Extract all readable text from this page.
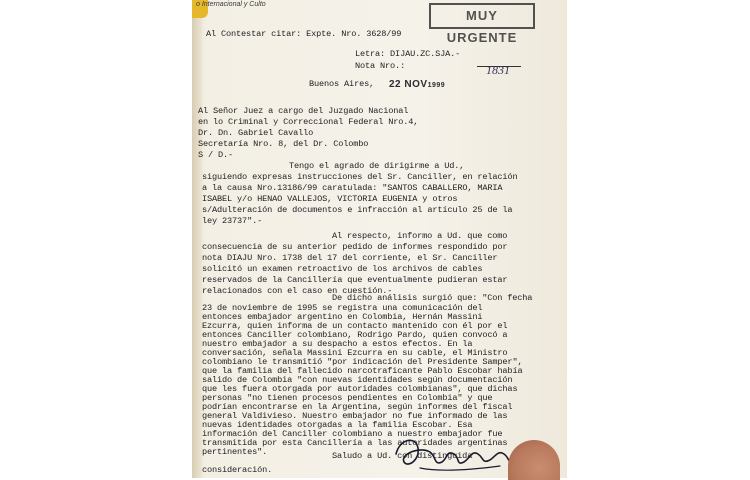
o Internacional y Culto
MUY URGENTE
Al Contestar citar: Expte. Nro. 3628/99
Letra: DIJAU.ZC.SJA.-
Nota Nro.:	1831
Buenos Aires, 22 NOV1999
Al Señor Juez a cargo del Juzgado Nacional
en lo Criminal y Correccional Federal Nro.4,
Dr. Dn. Gabriel Cavallo
Secretaría Nro. 8, del Dr. Colombo
S / D.-
Tengo el agrado de dirigirme a Ud.,
siguiendo expresas instrucciones del Sr. Canciller, en relación
a la causa Nro.13186/99 caratulada: "SANTOS CABALLERO, MARIA
ISABEL y/o HENAO VALLEJOS, VICTORIA EUGENIA y otros
s/Adulteración de documentos e infracción al artículo 25 de la
ley 23737".-
Al respecto, informo a Ud. que como
consecuencia de su anterior pedido de informes respondido por
nota DIAJU Nro. 1738 del 17 del corriente, el Sr. Canciller
solicitó un examen retroactivo de los archivos de cables
reservados de la Cancillería que eventualmente pudieran estar
relacionados con el caso en cuestión.-
De dicho análisis surgió que: "Con fecha
23 de noviembre de 1995 se registra una comunicación del
entonces embajador argentino en Colombia, Hernán Massini
Ezcurra, quien informa de un contacto mantenido con él por el
entonces Canciller colombiano, Rodrigo Pardo, quien convocó a
nuestro embajador a su despacho a estos efectos. En la
conversación, señala Massini Ezcurra en su cable, el Ministro
colombiano le transmitió "por indicación del Presidente Samper",
que la familia del fallecido narcotraficante Pablo Escobar había
salido de Colombia "con nuevas identidades según documentación
que les fuera otorgada por autoridades colombianas", que dichas
personas "no tienen procesos pendientes en Colombia" y que
podrían encontrarse en la Argentina, según informes del fiscal
general Valdivieso. Nuestro embajador no fue informado de las
nuevas identidades otorgadas a la familia Escobar. Esa
información del Canciller colombiano a nuestro embajador fue
transmitida por esta Cancillería a las autoridades argentinas
pertinentes".	Saludo a Ud. con distinguida
consideración.
